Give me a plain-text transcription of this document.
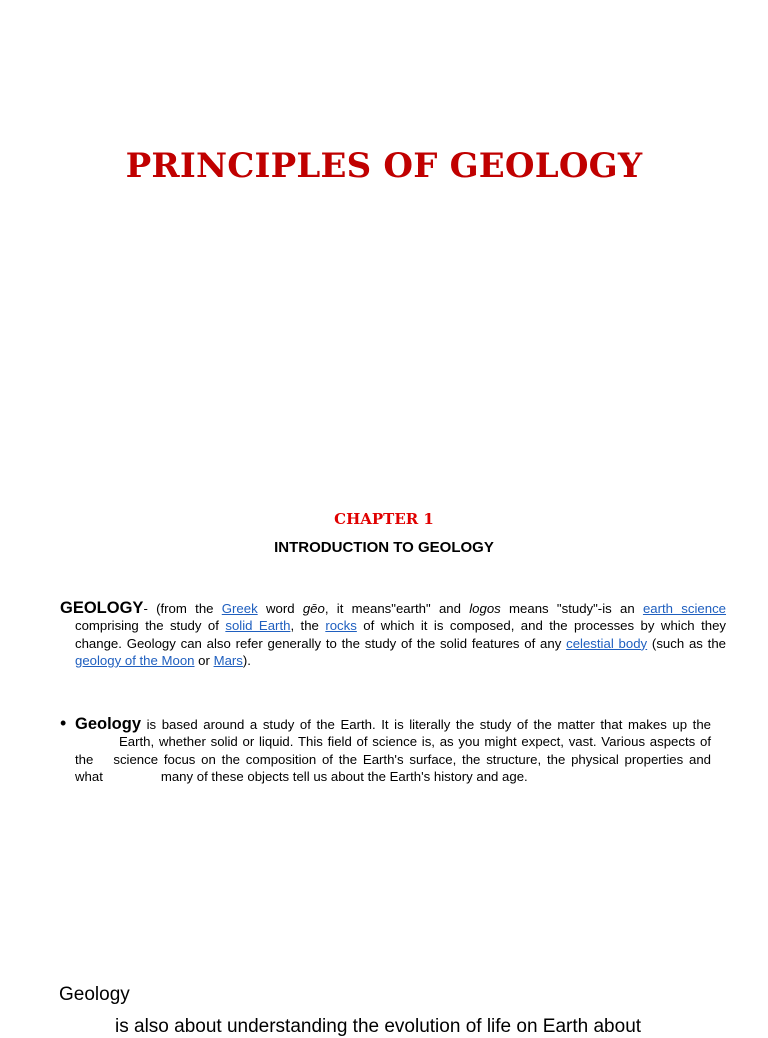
PRINCIPLES OF GEOLOGY
CHAPTER 1
INTRODUCTION TO GEOLOGY

GEOLOGY- (from the Greek word gēo, it means"earth" and logos means "study"-is an earth science comprising the study of solid Earth, the rocks of which it is composed, and the processes by which they change. Geology can also refer generally to the study of the solid features of any celestial body (such as the geology of the Moon or Mars).

• Geology is based around a study of the Earth. It is literally the study of the matter that makes up theEarth, whether solid or liquid. This field of science is, as you might expect, vast. Various aspects of the science focus on the composition of the Earth's surface, the structure, the physical properties and what	many of these objects tell us about the Earth's history and age.

Geology

is also about understanding the evolution of life on Earth about
